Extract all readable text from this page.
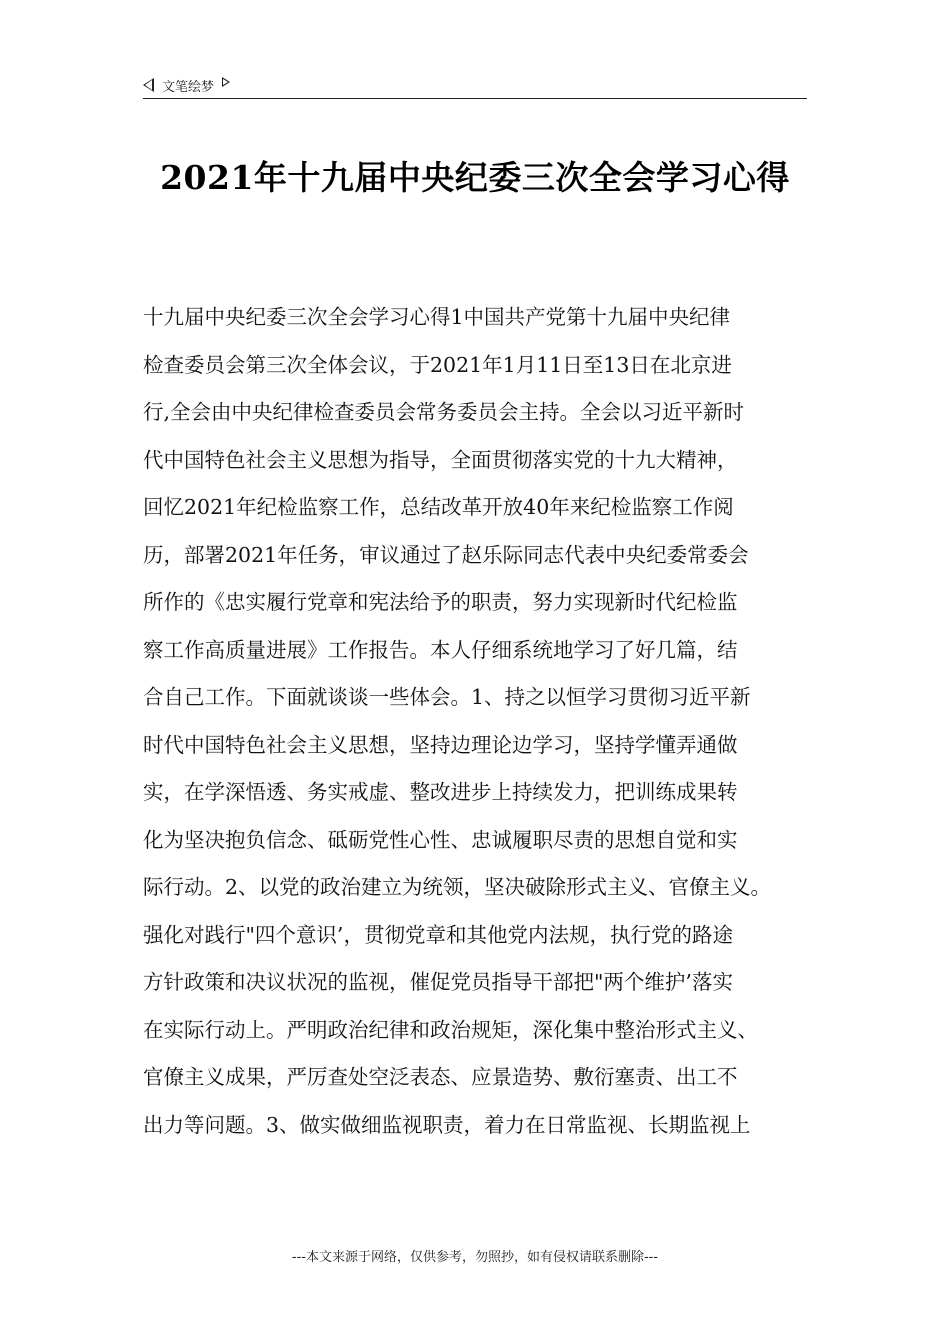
文笔绘梦
2021年十九届中央纪委三次全会学习心得
十九届中央纪委三次全会学习心得1中国共产党第十九届中央纪律
检查委员会第三次全体会议，于2021年1月11日至13日在北京进
行,全会由中央纪律检查委员会常务委员会主持。全会以习近平新时
代中国特色社会主义思想为指导，全面贯彻落实党的十九大精神，
回忆2021年纪检监察工作，总结改革开放40年来纪检监察工作阅
历，部署2021年任务，审议通过了赵乐际同志代表中央纪委常委会
所作的《忠实履行党章和宪法给予的职责，努力实现新时代纪检监
察工作高质量进展》工作报告。本人仔细系统地学习了好几篇，结
合自己工作。下面就谈谈一些体会。1、持之以恒学习贯彻习近平新
时代中国特色社会主义思想，坚持边理论边学习，坚持学懂弄通做
实，在学深悟透、务实戒虚、整改进步上持续发力，把训练成果转
化为坚决抱负信念、砥砺党性心性、忠诚履职尽责的思想自觉和实
际行动。2、以党的政治建立为统领，坚决破除形式主义、官僚主义。
强化对践行"四个意识’，贯彻党章和其他党内法规，执行党的路途
方针政策和决议状况的监视，催促党员指导干部把"两个维护’落实
在实际行动上。严明政治纪律和政治规矩，深化集中整治形式主义、
官僚主义成果，严厉查处空泛表态、应景造势、敷衍塞责、出工不
出力等问题。3、做实做细监视职责，着力在日常监视、长期监视上
---本文来源于网络，仅供参考，勿照抄，如有侵权请联系删除---
